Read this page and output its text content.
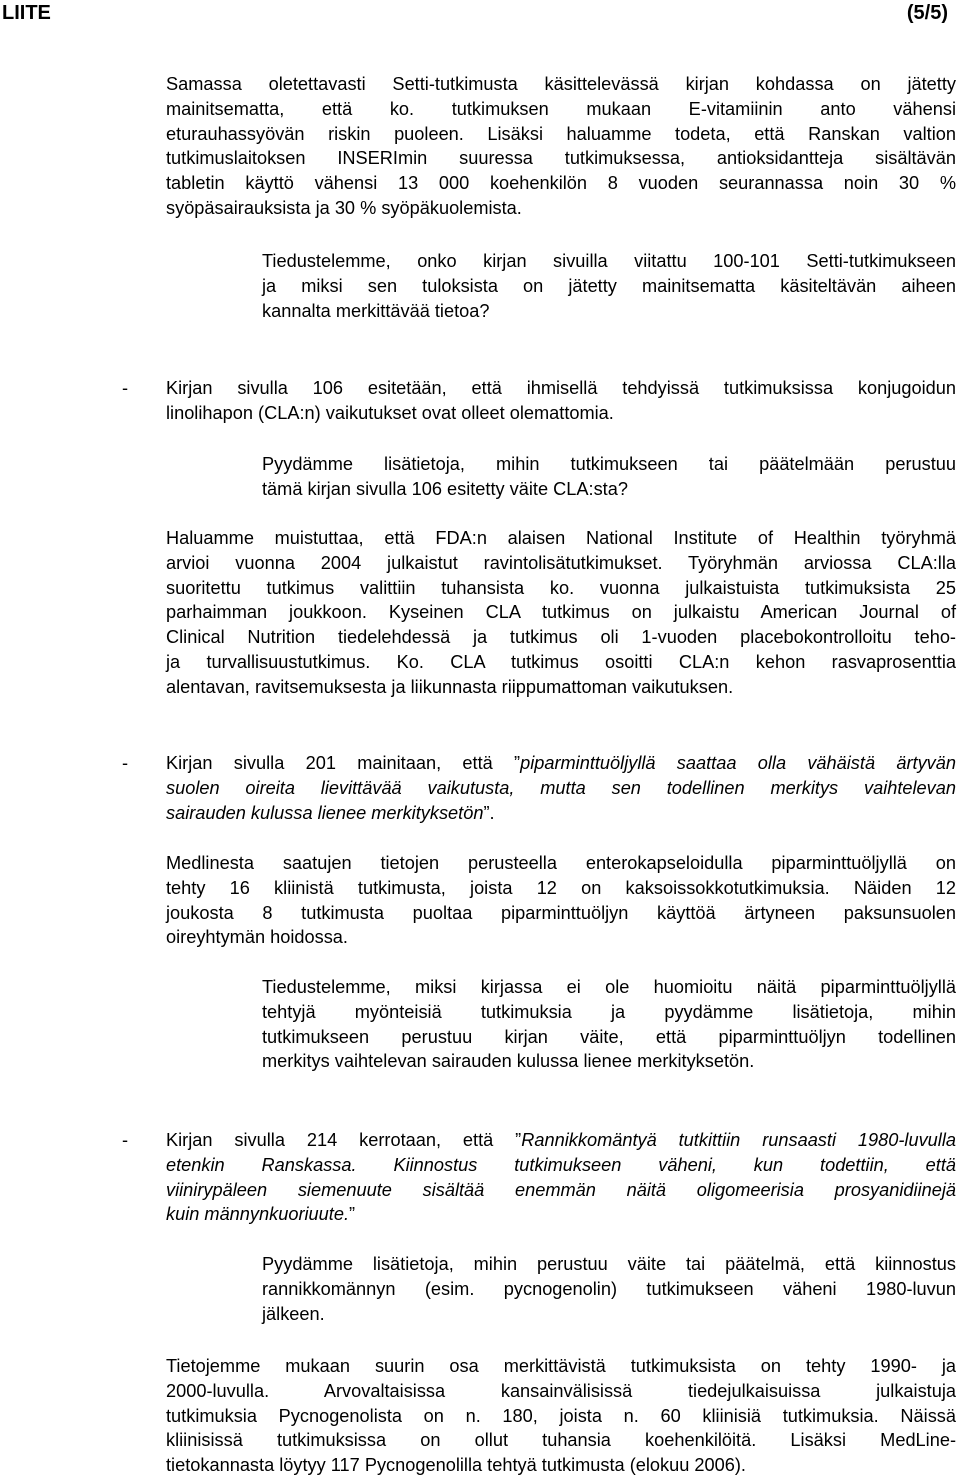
LIITE	(5/5)
Samassa oletettavasti Setti-tutkimusta käsittelevässä kirjan kohdassa on jätetty
mainitsematta, että ko. tutkimuksen mukaan E-vitamiinin anto vähensi
eturauhassyövän riskin puoleen. Lisäksi haluamme todeta, että Ranskan valtion
tutkimuslaitoksen INSERImin suuressa tutkimuksessa, antioksidantteja sisältävän
tabletin käyttö vähensi 13 000 koehenkilön 8 vuoden seurannassa noin 30 %
syöpäsairauksista ja 30 % syöpäkuolemista.
Tiedustelemme, onko kirjan sivuilla viitattu 100-101 Setti-tutkimukseen
ja miksi sen tuloksista on jätetty mainitsematta käsiteltävän aiheen
kannalta merkittävää tietoa?
- Kirjan sivulla 106 esitetään, että ihmisellä tehdyissä tutkimuksissa konjugoidun
linolihapon (CLA:n) vaikutukset ovat olleet olemattomia.
Pyydämme lisätietoja, mihin tutkimukseen tai päätelmään perustuu
tämä kirjan sivulla 106 esitetty väite CLA:sta?
Haluamme muistuttaa, että FDA:n alaisen National Institute of Healthin työryhmä
arvioi vuonna 2004 julkaistut ravintolisätutkimukset. Työryhmän arviossa CLA:lla
suoritettu tutkimus valittiin tuhansista ko. vuonna julkaistuista tutkimuksista 25
parhaimman joukkoon. Kyseinen CLA tutkimus on julkaistu American Journal of
Clinical Nutrition tiedelehdessä ja tutkimus oli 1-vuoden placebokontrolloitu teho-
ja turvallisuustutkimus. Ko. CLA tutkimus osoitti CLA:n kehon rasvaprosenttia
alentavan, ravitsemuksesta ja liikunnasta riippumattoman vaikutuksen.
- Kirjan sivulla 201 mainitaan, että ”piparminttuöljyllä saattaa olla vähäistä ärtyvän
suolen oireita lievittävää vaikutusta, mutta sen todellinen merkitys vaihtelevan
sairauden kulussa lienee merkityksetön”.
Medlinesta saatujen tietojen perusteella enterokapseloidulla piparminttuöljyllä on
tehty 16 kliinistä tutkimusta, joista 12 on kaksoissokkotutkimuksia. Näiden 12
joukosta 8 tutkimusta puoltaa piparminttuöljyn käyttöä ärtyneen paksunsuolen
oireyhtymän hoidossa.
Tiedustelemme, miksi kirjassa ei ole huomioitu näitä piparminttuöljyllä
tehtyjä myönteisiä tutkimuksia ja pyydämme lisätietoja, mihin
tutkimukseen perustuu kirjan väite, että piparminttuöljyn todellinen
merkitys vaihtelevan sairauden kulussa lienee merkityksetön.
- Kirjan sivulla 214 kerrotaan, että ”Rannikkomäntyä tutkittiin runsaasti 1980-luvulla
etenkin Ranskassa. Kiinnostus tutkimukseen väheni, kun todettiin, että
viinirypäleen siemenuute sisältää enemmän näitä oligomeerisia prosyanidiinejä
kuin männynkuoriuute.”
Pyydämme lisätietoja, mihin perustuu väite tai päätelmä, että kiinnostus
rannikkomännyn (esim. pycnogenolin) tutkimukseen väheni 1980-luvun
jälkeen.
Tietojemme mukaan suurin osa merkittävistä tutkimuksista on tehty 1990- ja
2000-luvulla. Arvovaltaisissa kansainvälisissä tiedejulkaisuissa julkaistuja
tutkimuksia Pycnogenolista on n. 180, joista n. 60 kliinisiä tutkimuksia. Näissä
kliinisissä tutkimuksissa on ollut tuhansia koehenkilöitä. Lisäksi MedLine-
tietokannasta löytyy 117 Pycnogenolilla tehtyä tutkimusta (elokuu 2006).
